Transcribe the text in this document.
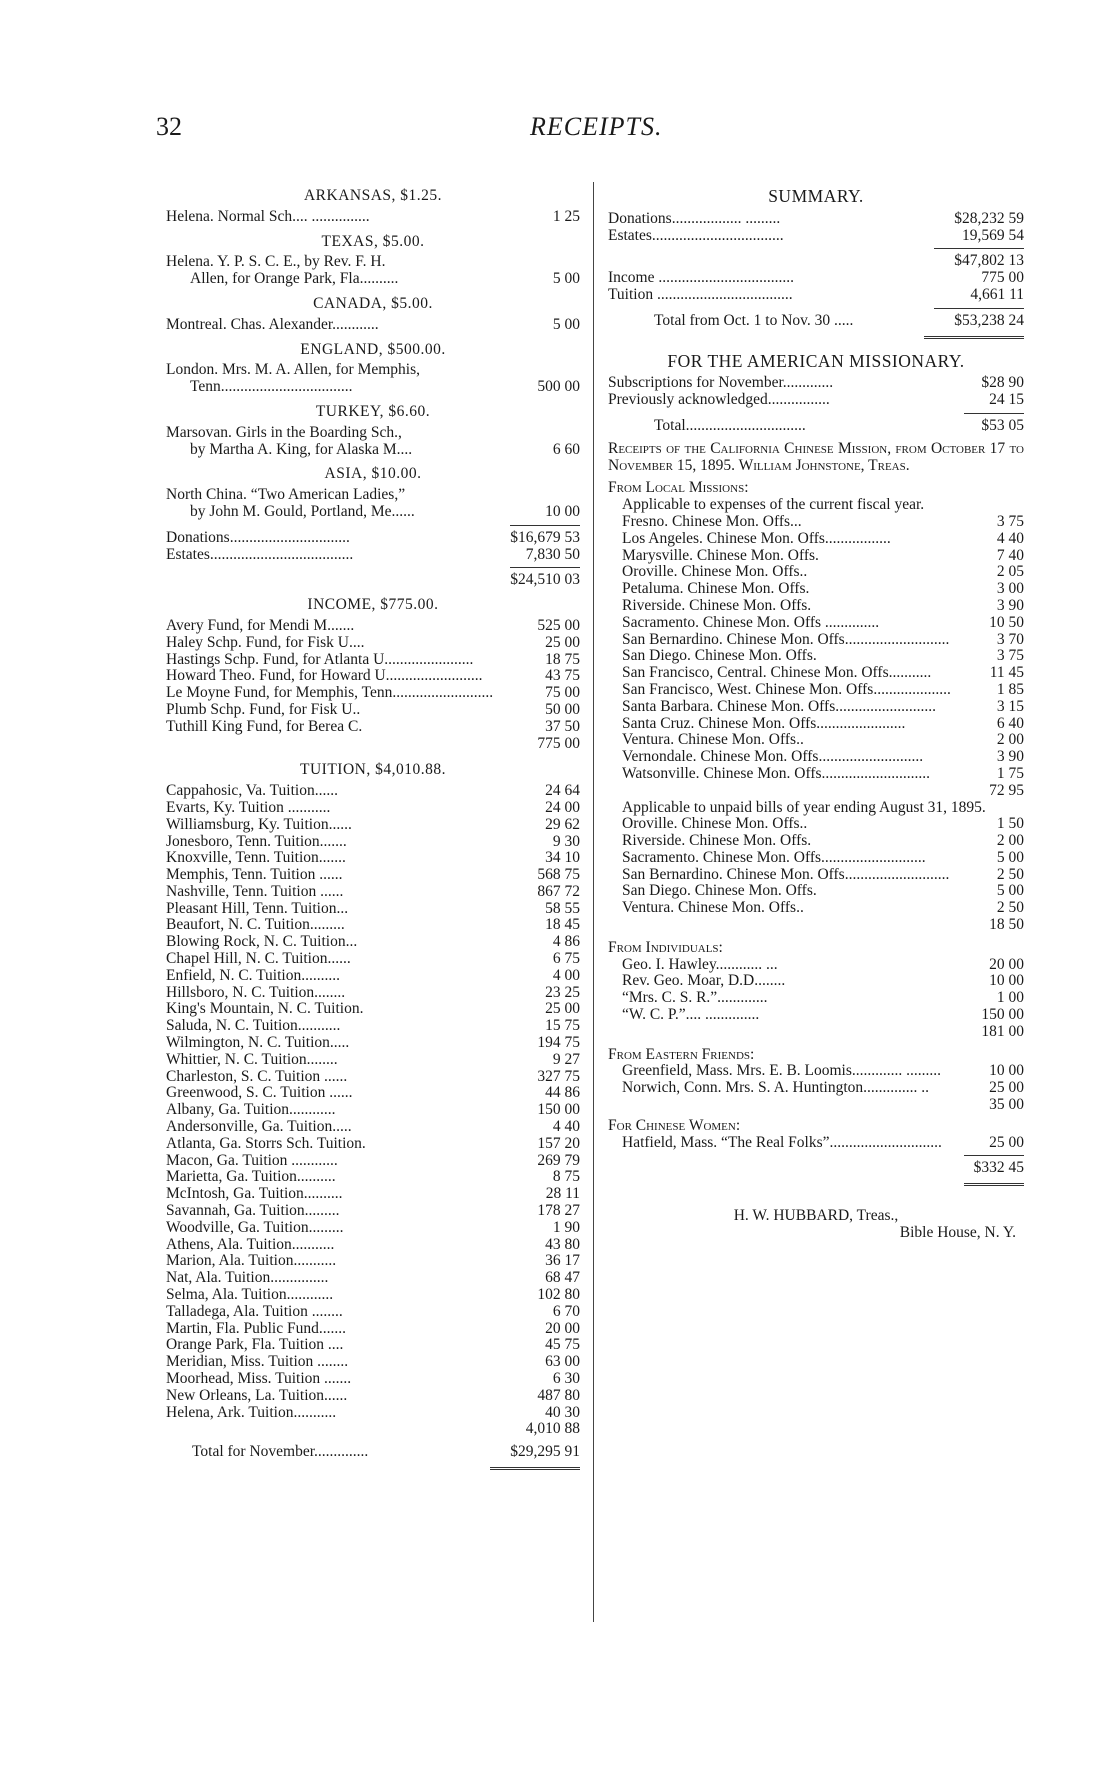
32	RECEIPTS.
ARKANSAS, $1.25.
Helena. Normal Sch.... ...............	1 25
TEXAS, $5.00.
Helena. Y. P. S. C. E., by Rev. F. H.
Allen, for Orange Park, Fla..........	5 00
CANADA, $5.00.
Montreal. Chas. Alexander............	5 00
ENGLAND, $500.00.
London. Mrs. M. A. Allen, for Memphis,
Tenn..................................	500 00
TURKEY, $6.60.
Marsovan. Girls in the Boarding Sch.,
by Martha A. King, for Alaska M....	6 60
ASIA, $10.00.
North China. “Two American Ladies,”
by John M. Gould, Portland, Me......	10 00
Donations...............................	$16,679 53
Estates.....................................	7,830 50
$24,510 03
INCOME, $775.00.
Avery Fund, for Mendi M.......	525 00
Haley Schp. Fund, for Fisk U....	25 00
Hastings Schp. Fund, for Atlanta U.......................	18 75
Howard Theo. Fund, for Howard U.........................	43 75
Le Moyne Fund, for Memphis, Tenn..........................	75 00
Plumb Schp. Fund, for Fisk U..	50 00
Tuthill King Fund, for Berea C.	37 50
775 00
TUITION, $4,010.88.
Cappahosic, Va. Tuition......	24 64
Evarts, Ky. Tuition ...........	24 00
Williamsburg, Ky. Tuition......	29 62
Jonesboro, Tenn. Tuition.......	9 30
Knoxville, Tenn. Tuition.......	34 10
Memphis, Tenn. Tuition ......	568 75
Nashville, Tenn. Tuition ......	867 72
Pleasant Hill, Tenn. Tuition...	58 55
Beaufort, N. C. Tuition.........	18 45
Blowing Rock, N. C. Tuition...	4 86
Chapel Hill, N. C. Tuition......	6 75
Enfield, N. C. Tuition..........	4 00
Hillsboro, N. C. Tuition........	23 25
King's Mountain, N. C. Tuition.	25 00
Saluda, N. C. Tuition...........	15 75
Wilmington, N. C. Tuition.....	194 75
Whittier, N. C. Tuition........	9 27
Charleston, S. C. Tuition ......	327 75
Greenwood, S. C. Tuition ......	44 86
Albany, Ga. Tuition............	150 00
Andersonville, Ga. Tuition.....	4 40
Atlanta, Ga. Storrs Sch. Tuition.	157 20
Macon, Ga. Tuition ............	269 79
Marietta, Ga. Tuition..........	8 75
McIntosh, Ga. Tuition..........	28 11
Savannah, Ga. Tuition.........	178 27
Woodville, Ga. Tuition.........	1 90
Athens, Ala. Tuition...........	43 80
Marion, Ala. Tuition...........	36 17
Nat, Ala. Tuition...............	68 47
Selma, Ala. Tuition............	102 80
Talladega, Ala. Tuition ........	6 70
Martin, Fla. Public Fund.......	20 00
Orange Park, Fla. Tuition ....	45 75
Meridian, Miss. Tuition ........	63 00
Moorhead, Miss. Tuition .......	6 30
New Orleans, La. Tuition......	487 80
Helena, Ark. Tuition...........	40 30
4,010 88
Total for November..............	$29,295 91
SUMMARY.
Donations.................. .........	$28,232 59
Estates..................................	19,569 54
$47,802 13
Income ...................................	775 00
Tuition ...................................	4,661 11
Total from Oct. 1 to Nov. 30 .....	$53,238 24
FOR THE AMERICAN MISSIONARY.
Subscriptions for November.............	$28 90
Previously acknowledged................	24 15
Total...............................	$53 05
Receipts of the California Chinese Mission, from October 17 to November 15, 1895. William Johnstone, Treas.
From Local Missions:
Applicable to expenses of the current fiscal year.
Fresno. Chinese Mon. Offs...	3 75
Los Angeles. Chinese Mon. Offs.................	4 40
Marysville. Chinese Mon. Offs.	7 40
Oroville. Chinese Mon. Offs..	2 05
Petaluma. Chinese Mon. Offs.	3 00
Riverside. Chinese Mon. Offs.	3 90
Sacramento. Chinese Mon. Offs ..............	10 50
San Bernardino. Chinese Mon. Offs...........................	3 70
San Diego. Chinese Mon. Offs.	3 75
San Francisco, Central. Chinese Mon. Offs...........	11 45
San Francisco, West. Chinese Mon. Offs....................	1 85
Santa Barbara. Chinese Mon. Offs..........................	3 15
Santa Cruz. Chinese Mon. Offs.......................	6 40
Ventura. Chinese Mon. Offs..	2 00
Vernondale. Chinese Mon. Offs...........................	3 90
Watsonville. Chinese Mon. Offs............................	1 75
72 95
Applicable to unpaid bills of year ending August 31, 1895.
Oroville. Chinese Mon. Offs..	1 50
Riverside. Chinese Mon. Offs.	2 00
Sacramento. Chinese Mon. Offs...........................	5 00
San Bernardino. Chinese Mon. Offs...........................	2 50
San Diego. Chinese Mon. Offs.	5 00
Ventura. Chinese Mon. Offs..	2 50
18 50
From Individuals:
Geo. I. Hawley............ ...	20 00
Rev. Geo. Moar, D.D........	10 00
“Mrs. C. S. R.”.............	1 00
“W. C. P.”.... ..............	150 00
181 00
From Eastern Friends:
Greenfield, Mass. Mrs. E. B. Loomis............. .........	10 00
Norwich, Conn. Mrs. S. A. Huntington.............. ..	25 00
35 00
For Chinese Women:
Hatfield, Mass. “The Real Folks”.............................	25 00
$332 45
H. W. HUBBARD, Treas.,
Bible House, N. Y.
